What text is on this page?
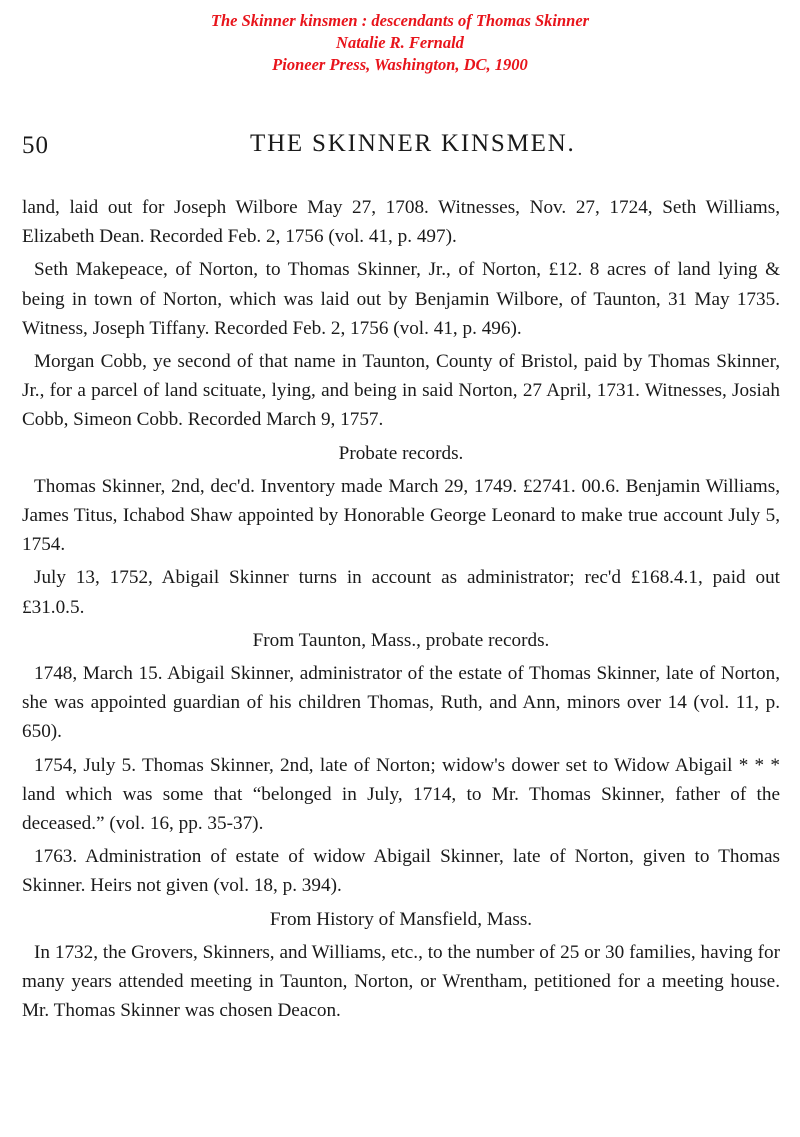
The Skinner kinsmen : descendants of Thomas Skinner
Natalie R. Fernald
Pioneer Press, Washington, DC, 1900
50	THE SKINNER KINSMEN.

land, laid out for Joseph Wilbore May 27, 1708. Witnesses, Nov. 27, 1724, Seth Williams, Elizabeth Dean. Recorded Feb. 2, 1756 (vol. 41, p. 497).

Seth Makepeace, of Norton, to Thomas Skinner, Jr., of Norton, £12. 8 acres of land lying & being in town of Norton, which was laid out by Benjamin Wilbore, of Taunton, 31 May 1735. Witness, Joseph Tiffany. Recorded Feb. 2, 1756 (vol. 41, p. 496).

Morgan Cobb, ye second of that name in Taunton, County of Bristol, paid by Thomas Skinner, Jr., for a parcel of land scituate, lying, and being in said Norton, 27 April, 1731. Witnesses, Josiah Cobb, Simeon Cobb. Recorded March 9, 1757.

Probate records.

Thomas Skinner, 2nd, dec'd. Inventory made March 29, 1749. £2741. 00.6. Benjamin Williams, James Titus, Ichabod Shaw appointed by Honorable George Leonard to make true account July 5, 1754.

July 13, 1752, Abigail Skinner turns in account as administrator; rec'd £168.4.1, paid out £31.0.5.

From Taunton, Mass., probate records.

1748, March 15. Abigail Skinner, administrator of the estate of Thomas Skinner, late of Norton, she was appointed guardian of his children Thomas, Ruth, and Ann, minors over 14 (vol. 11, p. 650).

1754, July 5. Thomas Skinner, 2nd, late of Norton; widow's dower set to Widow Abigail * * * land which was some that “belonged in July, 1714, to Mr. Thomas Skinner, father of the deceased.” (vol. 16, pp. 35-37).

1763. Administration of estate of widow Abigail Skinner, late of Norton, given to Thomas Skinner. Heirs not given (vol. 18, p. 394).

From History of Mansfield, Mass.

In 1732, the Grovers, Skinners, and Williams, etc., to the number of 25 or 30 families, having for many years attended meeting in Taunton, Norton, or Wrentham, petitioned for a meeting house. Mr. Thomas Skinner was chosen Deacon.
